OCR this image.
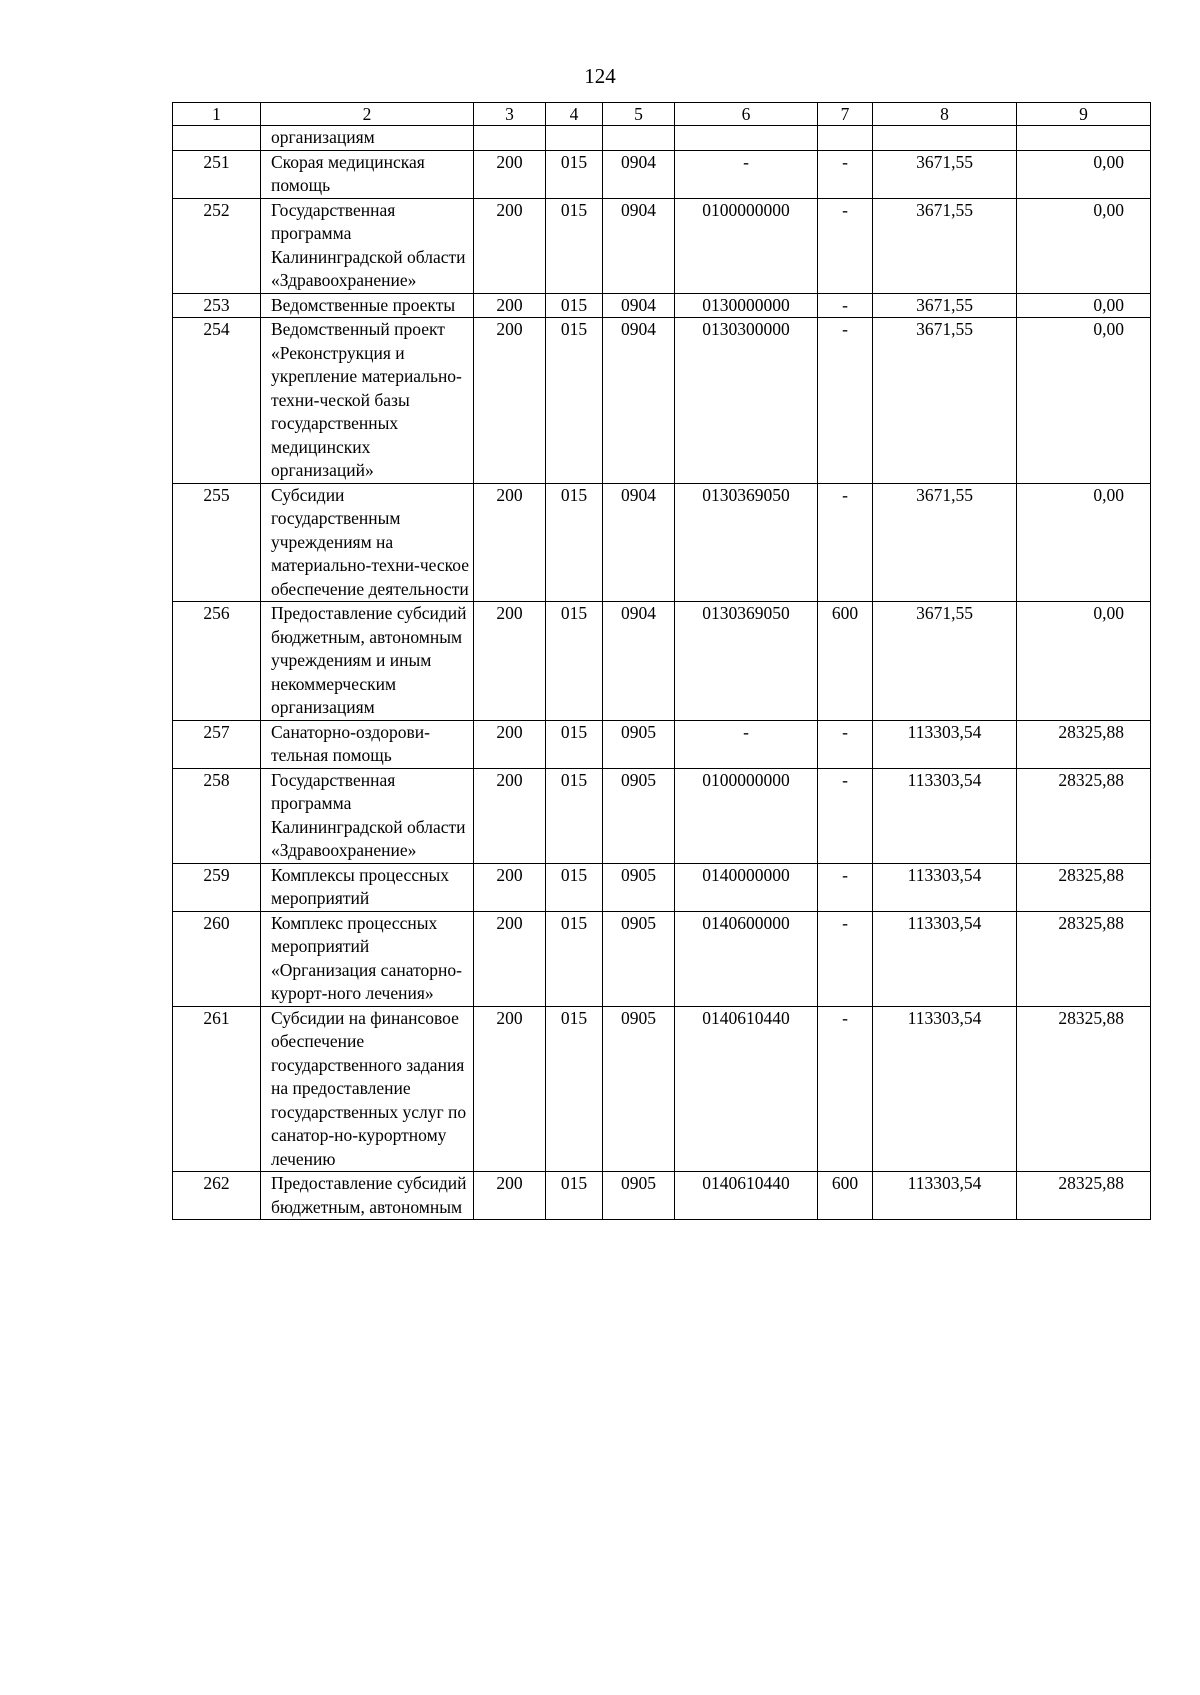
124
1	2	3	4	5	6	7	8	9
	организациям							
251	Скорая медицинская помощь	200	015	0904	-	-	3671,55	0,00
252	Государственная программа Калининградской области «Здравоохранение»	200	015	0904	0100000000	-	3671,55	0,00
253	Ведомственные проекты	200	015	0904	0130000000	-	3671,55	0,00
254	Ведомственный проект «Реконструкция и укрепление материально-техни-ческой базы государственных медицинских организаций»	200	015	0904	0130300000	-	3671,55	0,00
255	Субсидии государственным учреждениям на материально-техни-ческое обеспечение деятельности	200	015	0904	0130369050	-	3671,55	0,00
256	Предоставление субсидий бюджетным, автономным учреждениям и иным некоммерческим организациям	200	015	0904	0130369050	600	3671,55	0,00
257	Санаторно-оздорови-тельная помощь	200	015	0905	-	-	113303,54	28325,88
258	Государственная программа Калининградской области «Здравоохранение»	200	015	0905	0100000000	-	113303,54	28325,88
259	Комплексы процессных мероприятий	200	015	0905	0140000000	-	113303,54	28325,88
260	Комплекс процессных мероприятий «Организация санаторно-курорт-ного лечения»	200	015	0905	0140600000	-	113303,54	28325,88
261	Субсидии на финансовое обеспечение государственного задания на предоставление государственных услуг по санатор-но-курортному лечению	200	015	0905	0140610440	-	113303,54	28325,88
262	Предоставление субсидий бюджетным, автономным	200	015	0905	0140610440	600	113303,54	28325,88
